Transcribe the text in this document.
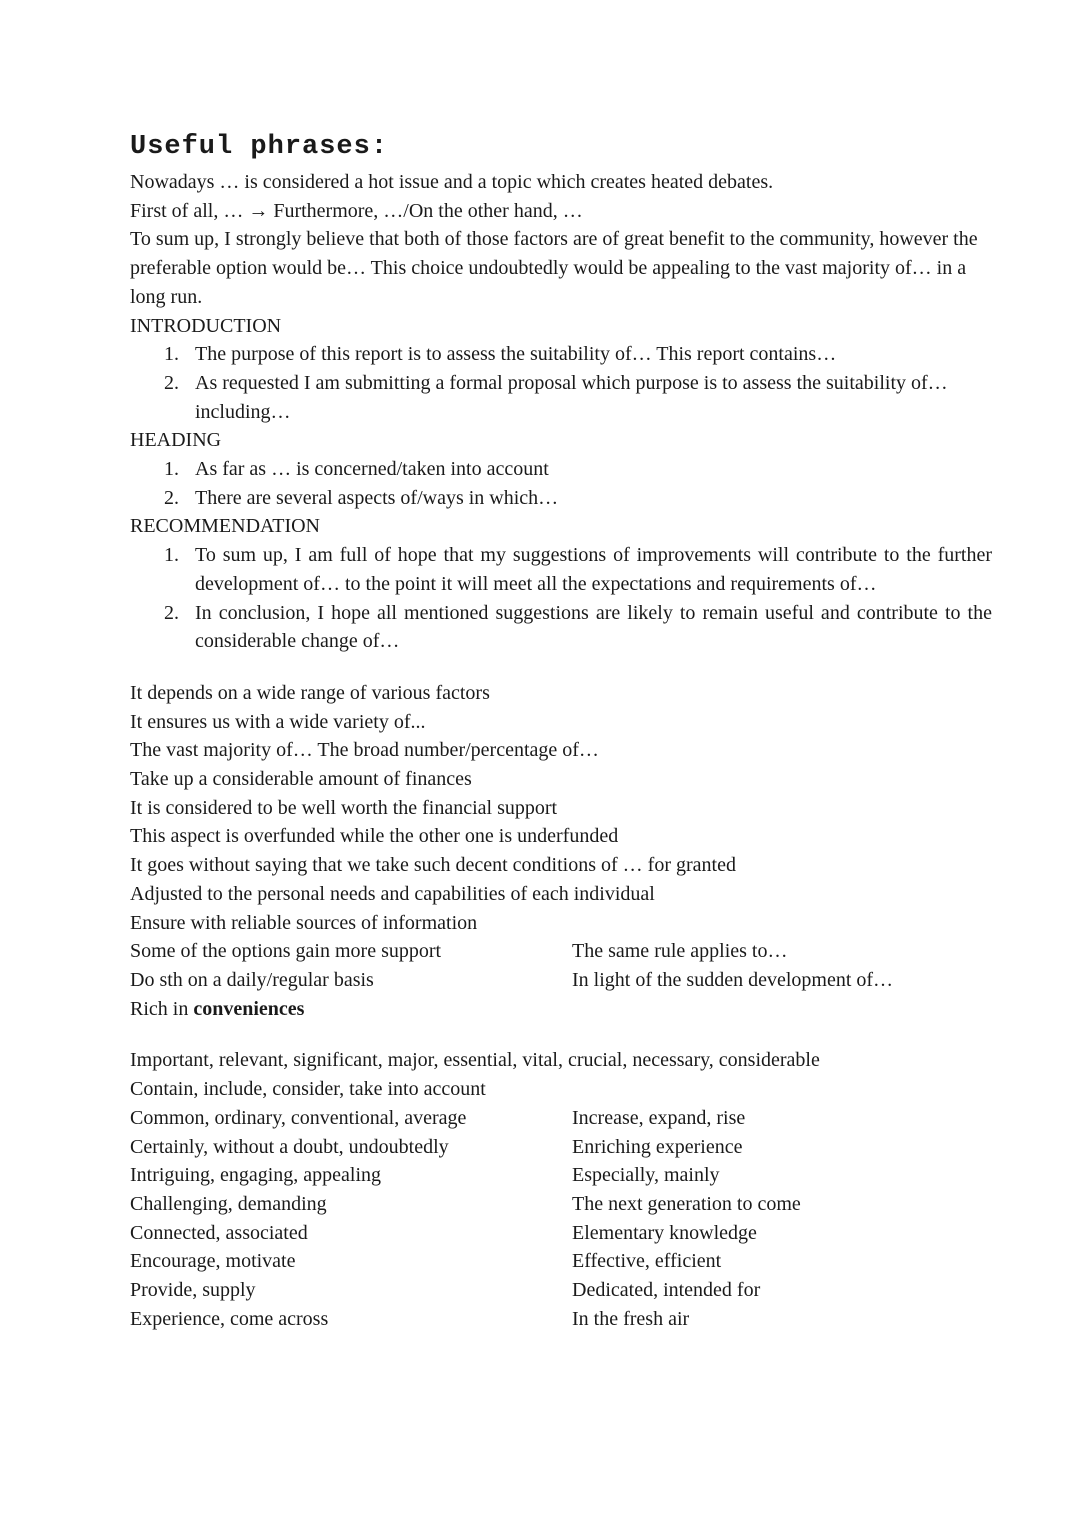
Useful phrases:

Nowadays … is considered a hot issue and a topic which creates heated debates.

First of all, … → Furthermore, …/On the other hand, …

To sum up, I strongly believe that both of those factors are of great benefit to the community, however the preferable option would be… This choice undoubtedly would be appealing to the vast majority of… in a long run.

INTRODUCTION

1. The purpose of this report is to assess the suitability of… This report contains…
2. As requested I am submitting a formal proposal which purpose is to assess the suitability of… including…

HEADING

1. As far as … is concerned/taken into account
2. There are several aspects of/ways in which…

RECOMMENDATION

1. To sum up, I am full of hope that my suggestions of improvements will contribute to the further development of… to the point it will meet all the expectations and requirements of…
2. In conclusion, I hope all mentioned suggestions are likely to remain useful and contribute to the considerable change of…

It depends on a wide range of various factors

It ensures us with a wide variety of...

The vast majority of… The broad number/percentage of…

Take up a considerable amount of finances

It is considered to be well worth the financial support

This aspect is overfunded while the other one is underfunded

It goes without saying that we take such decent conditions of … for granted

Adjusted to the personal needs and capabilities of each individual

Ensure with reliable sources of information

Some of the options gain more support	The same rule applies to…
Do sth on a daily/regular basis	In light of the sudden development of…

Rich in conveniences

Important, relevant, significant, major, essential, vital, crucial, necessary, considerable

Contain, include, consider, take into account

Common, ordinary, conventional, average	Increase, expand, rise
Certainly, without a doubt, undoubtedly	Enriching experience
Intriguing, engaging, appealing	Especially, mainly
Challenging, demanding	The next generation to come
Connected, associated	Elementary knowledge
Encourage, motivate	Effective, efficient
Provide, supply	Dedicated, intended for
Experience, come across	In the fresh air
